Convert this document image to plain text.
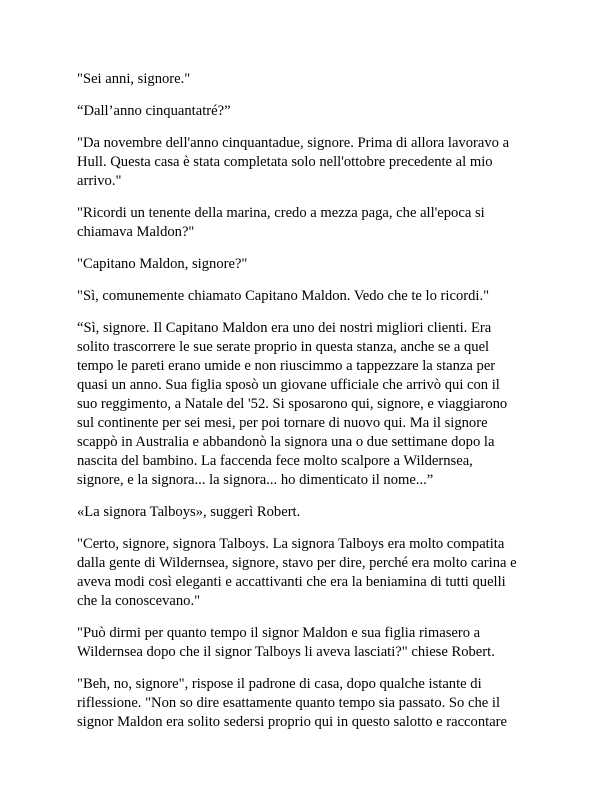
"Sei anni, signore."

“Dall’anno cinquantatré?”

"Da novembre dell'anno cinquantadue, signore. Prima di allora lavoravo a
Hull. Questa casa è stata completata solo nell'ottobre precedente al mio
arrivo."

"Ricordi un tenente della marina, credo a mezza paga, che all'epoca si
chiamava Maldon?"

"Capitano Maldon, signore?"

"Sì, comunemente chiamato Capitano Maldon. Vedo che te lo ricordi."

“Sì, signore. Il Capitano Maldon era uno dei nostri migliori clienti. Era
solito trascorrere le sue serate proprio in questa stanza, anche se a quel
tempo le pareti erano umide e non riuscimmo a tappezzare la stanza per
quasi un anno. Sua figlia sposò un giovane ufficiale che arrivò qui con il
suo reggimento, a Natale del '52. Si sposarono qui, signore, e viaggiarono
sul continente per sei mesi, per poi tornare di nuovo qui. Ma il signore
scappò in Australia e abbandonò la signora una o due settimane dopo la
nascita del bambino. La faccenda fece molto scalpore a Wildernsea,
signore, e la signora... la signora... ho dimenticato il nome...”

«La signora Talboys», suggerì Robert.

"Certo, signore, signora Talboys. La signora Talboys era molto compatita
dalla gente di Wildernsea, signore, stavo per dire, perché era molto carina e
aveva modi così eleganti e accattivanti che era la beniamina di tutti quelli
che la conoscevano."

"Può dirmi per quanto tempo il signor Maldon e sua figlia rimasero a
Wildernsea dopo che il signor Talboys li aveva lasciati?" chiese Robert.

"Beh, no, signore", rispose il padrone di casa, dopo qualche istante di
riflessione. "Non so dire esattamente quanto tempo sia passato. So che il
signor Maldon era solito sedersi proprio qui in questo salotto e raccontare
